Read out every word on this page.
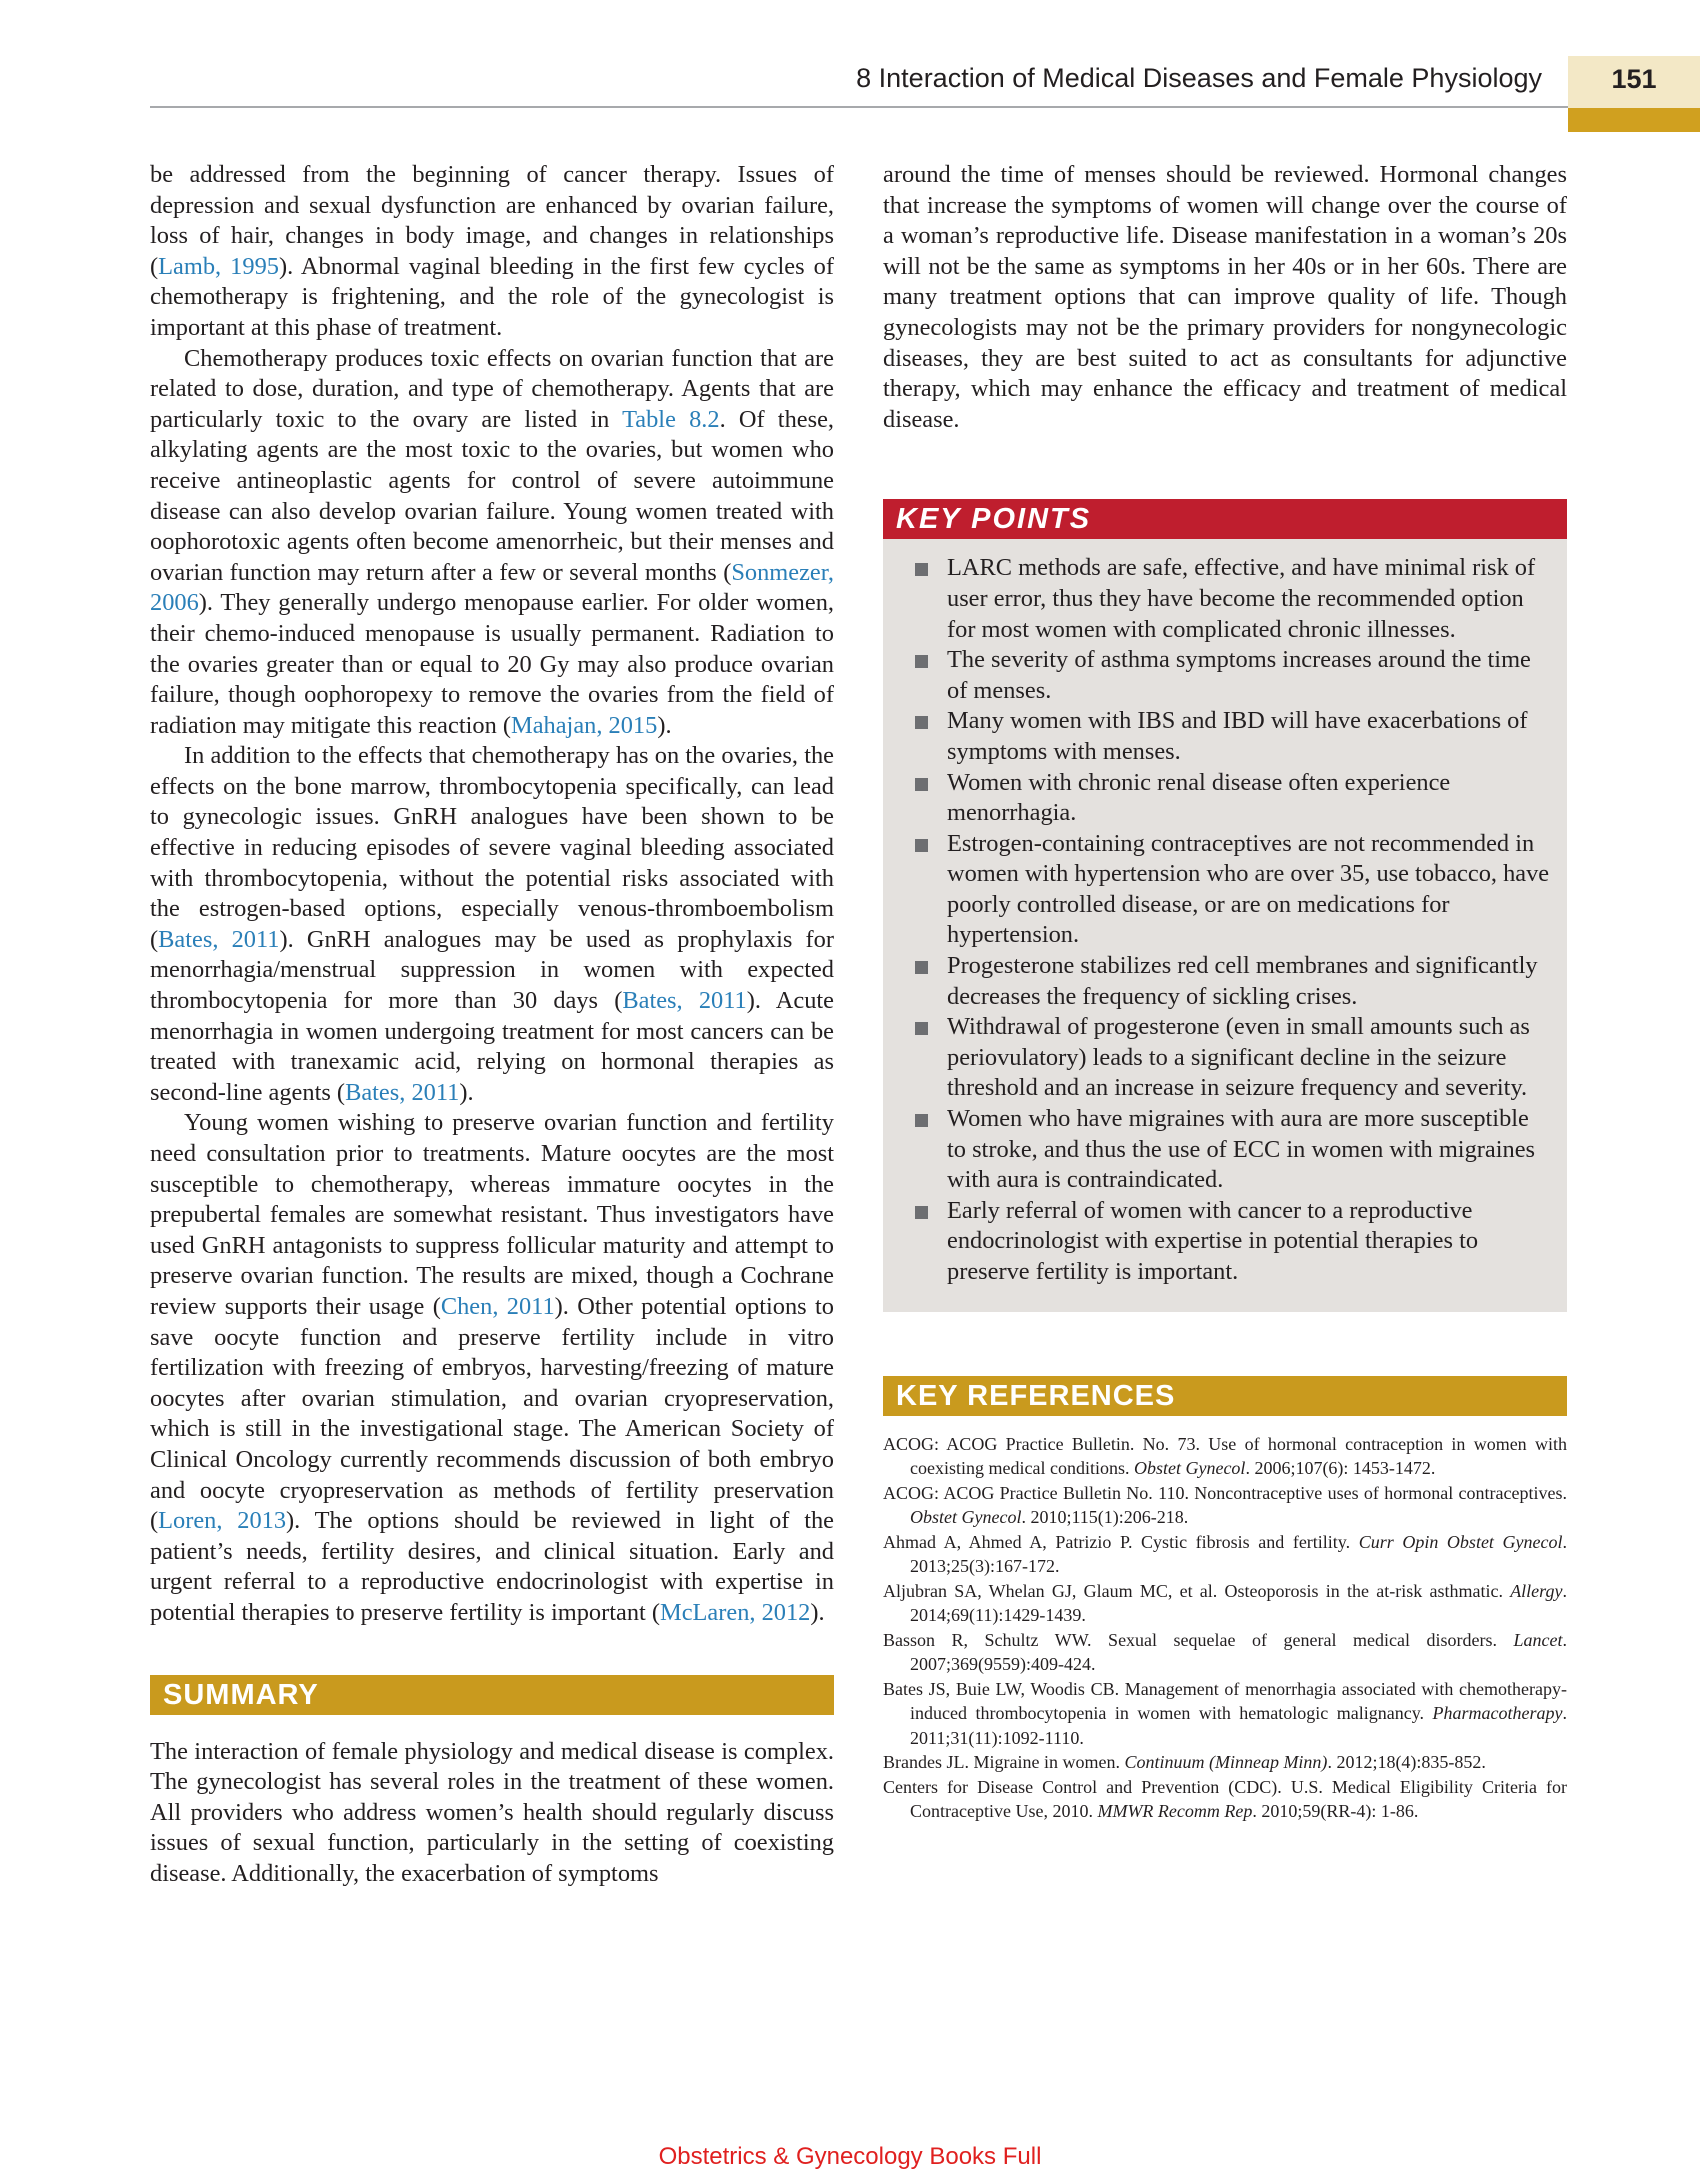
8 Interaction of Medical Diseases and Female Physiology	151

be addressed from the beginning of cancer therapy. Issues of depression and sexual dysfunction are enhanced by ovarian failure, loss of hair, changes in body image, and changes in relationships (Lamb, 1995). Abnormal vaginal bleeding in the first few cycles of chemotherapy is frightening, and the role of the gynecologist is important at this phase of treatment.

Chemotherapy produces toxic effects on ovarian function that are related to dose, duration, and type of chemotherapy. Agents that are particularly toxic to the ovary are listed in Table 8.2. Of these, alkylating agents are the most toxic to the ovaries, but women who receive antineoplastic agents for control of severe autoimmune disease can also develop ovarian failure. Young women treated with oophorotoxic agents often become amenorrheic, but their menses and ovarian function may return after a few or several months (Sonmezer, 2006). They generally undergo menopause earlier. For older women, their chemo-induced menopause is usually permanent. Radiation to the ovaries greater than or equal to 20 Gy may also produce ovarian failure, though oophoropexy to remove the ovaries from the field of radiation may mitigate this reaction (Mahajan, 2015).

In addition to the effects that chemotherapy has on the ovaries, the effects on the bone marrow, thrombocytopenia specifically, can lead to gynecologic issues. GnRH analogues have been shown to be effective in reducing episodes of severe vaginal bleeding associated with thrombocytopenia, without the potential risks associated with the estrogen-based options, especially venous-thromboembolism (Bates, 2011). GnRH analogues may be used as prophylaxis for menorrhagia/menstrual suppression in women with expected thrombocytopenia for more than 30 days (Bates, 2011). Acute menorrhagia in women undergoing treatment for most cancers can be treated with tranexamic acid, relying on hormonal therapies as second-line agents (Bates, 2011).

Young women wishing to preserve ovarian function and fertility need consultation prior to treatments. Mature oocytes are the most susceptible to chemotherapy, whereas immature oocytes in the prepubertal females are somewhat resistant. Thus investigators have used GnRH antagonists to suppress follicular maturity and attempt to preserve ovarian function. The results are mixed, though a Cochrane review supports their usage (Chen, 2011). Other potential options to save oocyte function and preserve fertility include in vitro fertilization with freezing of embryos, harvesting/freezing of mature oocytes after ovarian stimulation, and ovarian cryopreservation, which is still in the investigational stage. The American Society of Clinical Oncology currently recommends discussion of both embryo and oocyte cryopreservation as methods of fertility preservation (Loren, 2013). The options should be reviewed in light of the patient’s needs, fertility desires, and clinical situation. Early and urgent referral to a reproductive endocrinologist with expertise in potential therapies to preserve fertility is important (McLaren, 2012).

SUMMARY

The interaction of female physiology and medical disease is complex. The gynecologist has several roles in the treatment of these women. All providers who address women’s health should regularly discuss issues of sexual function, particularly in the setting of coexisting disease. Additionally, the exacerbation of symptoms

around the time of menses should be reviewed. Hormonal changes that increase the symptoms of women will change over the course of a woman’s reproductive life. Disease manifestation in a woman’s 20s will not be the same as symptoms in her 40s or in her 60s. There are many treatment options that can improve quality of life. Though gynecologists may not be the primary providers for nongynecologic diseases, they are best suited to act as consultants for adjunctive therapy, which may enhance the efficacy and treatment of medical disease.

KEY POINTS
LARC methods are safe, effective, and have minimal risk of user error, thus they have become the recommended option for most women with complicated chronic illnesses.
The severity of asthma symptoms increases around the time of menses.
Many women with IBS and IBD will have exacerbations of symptoms with menses.
Women with chronic renal disease often experience menorrhagia.
Estrogen-containing contraceptives are not recommended in women with hypertension who are over 35, use tobacco, have poorly controlled disease, or are on medications for hypertension.
Progesterone stabilizes red cell membranes and significantly decreases the frequency of sickling crises.
Withdrawal of progesterone (even in small amounts such as periovulatory) leads to a significant decline in the seizure threshold and an increase in seizure frequency and severity.
Women who have migraines with aura are more susceptible to stroke, and thus the use of ECC in women with migraines with aura is contraindicated.
Early referral of women with cancer to a reproductive endocrinologist with expertise in potential therapies to preserve fertility is important.
KEY REFERENCES

ACOG: ACOG Practice Bulletin. No. 73. Use of hormonal contraception in women with coexisting medical conditions. Obstet Gynecol. 2006;107(6): 1453-1472.

ACOG: ACOG Practice Bulletin No. 110. Noncontraceptive uses of hormonal contraceptives. Obstet Gynecol. 2010;115(1):206-218.

Ahmad A, Ahmed A, Patrizio P. Cystic fibrosis and fertility. Curr Opin Obstet Gynecol. 2013;25(3):167-172.

Aljubran SA, Whelan GJ, Glaum MC, et al. Osteoporosis in the at-risk asthmatic. Allergy. 2014;69(11):1429-1439.

Basson R, Schultz WW. Sexual sequelae of general medical disorders. Lancet. 2007;369(9559):409-424.

Bates JS, Buie LW, Woodis CB. Management of menorrhagia associated with chemotherapy-induced thrombocytopenia in women with hematologic malignancy. Pharmacotherapy. 2011;31(11):1092-1110.

Brandes JL. Migraine in women. Continuum (Minneap Minn). 2012;18(4):835-852.

Centers for Disease Control and Prevention (CDC). U.S. Medical Eligibility Criteria for Contraceptive Use, 2010. MMWR Recomm Rep. 2010;59(RR-4): 1-86.

Obstetrics & Gynecology Books Full
